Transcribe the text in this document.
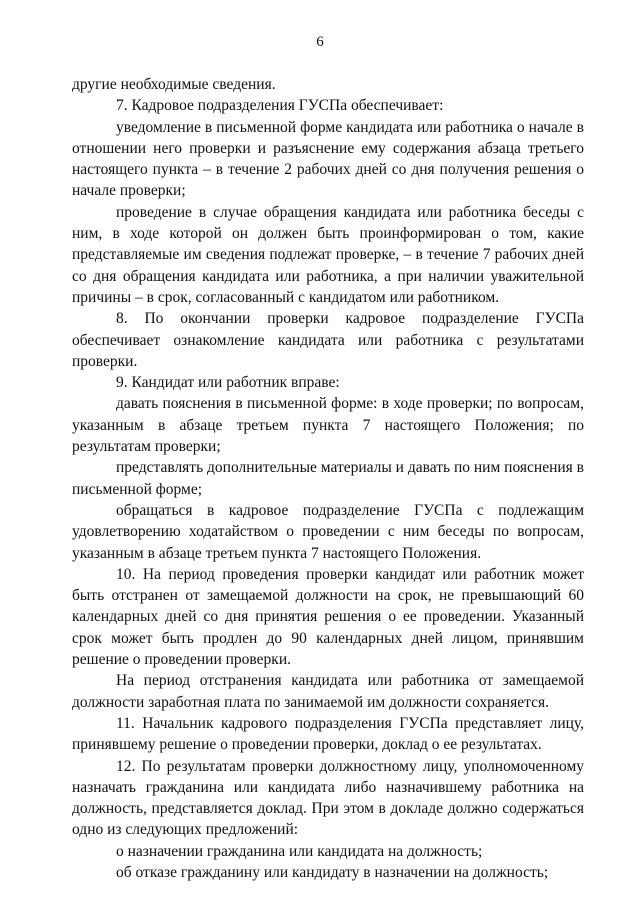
6

другие необходимые сведения.

7. Кадровое подразделения ГУСПа обеспечивает:

уведомление в письменной форме кандидата или работника о начале в отношении него проверки и разъяснение ему содержания абзаца третьего настоящего пункта – в течение 2 рабочих дней со дня получения решения о начале проверки;

проведение в случае обращения кандидата или работника беседы с ним, в ходе которой он должен быть проинформирован о том, какие представляемые им сведения подлежат проверке, – в течение 7 рабочих дней со дня обращения кандидата или работника, а при наличии уважительной причины – в срок, согласованный с кандидатом или работником.

8. По окончании проверки кадровое подразделение ГУСПа обеспечивает ознакомление кандидата или работника с результатами проверки.

9. Кандидат или работник вправе:

давать пояснения в письменной форме: в ходе проверки; по вопросам, указанным в абзаце третьем пункта 7 настоящего Положения; по результатам проверки;

представлять дополнительные материалы и давать по ним пояснения в письменной форме;

обращаться в кадровое подразделение ГУСПа с подлежащим удовлетворению ходатайством о проведении с ним беседы по вопросам, указанным в абзаце третьем пункта 7 настоящего Положения.

10. На период проведения проверки кандидат или работник может быть отстранен от замещаемой должности на срок, не превышающий 60 календарных дней со дня принятия решения о ее проведении. Указанный срок может быть продлен до 90 календарных дней лицом, принявшим решение о проведении проверки.

На период отстранения кандидата или работника от замещаемой должности заработная плата по занимаемой им должности сохраняется.

11. Начальник кадрового подразделения ГУСПа представляет лицу, принявшему решение о проведении проверки, доклад о ее результатах.

12. По результатам проверки должностному лицу, уполномоченному назначать гражданина или кандидата либо назначившему работника на должность, представляется доклад. При этом в докладе должно содержаться одно из следующих предложений:

о назначении гражданина или кандидата на должность;

об отказе гражданину или кандидату в назначении на должность;
